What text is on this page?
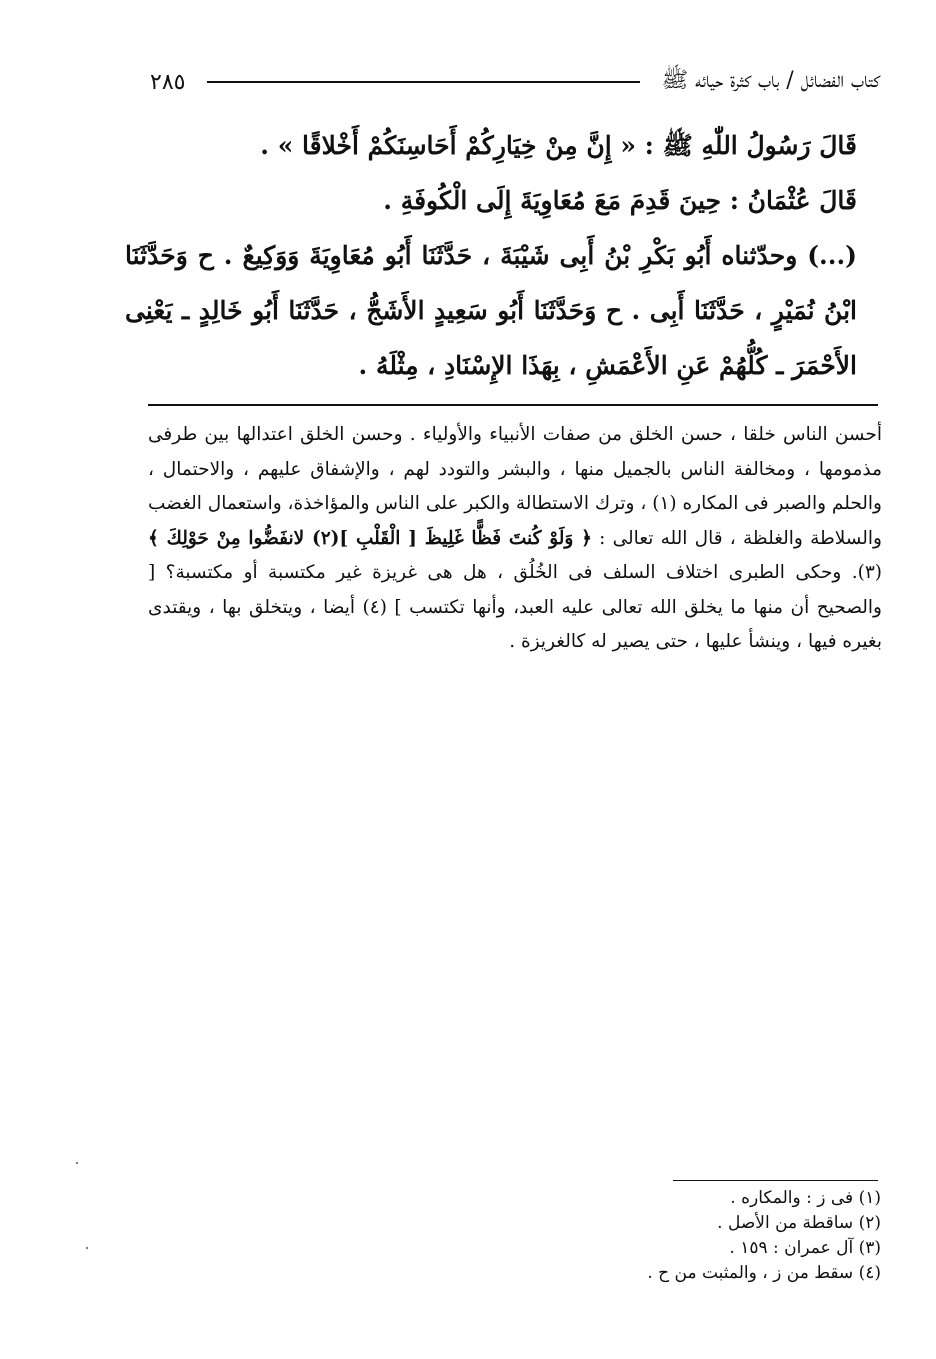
كتاب الفضائل / باب كثرة حيائه ﷺ
٢٨٥

قَالَ رَسُولُ اللّٰهِ ﷺ : « إِنَّ مِنْ خِيَارِكُمْ أَحَاسِنَكُمْ أَخْلاقًا » .

قَالَ عُثْمَانُ : حِينَ قَدِمَ مَعَ مُعَاوِيَةَ إِلَى الْكُوفَةِ .

(...) وحدّثناه أَبُو بَكْرِ بْنُ أَبِى شَيْبَةَ ، حَدَّثَنَا أَبُو مُعَاوِيَةَ وَوَكِيعٌ . ح وَحَدَّثَنَا ابْنُ نُمَيْرٍ ، حَدَّثَنَا أَبِى . ح وَحَدَّثَنَا أَبُو سَعِيدٍ الأَشَجُّ ، حَدَّثَنَا أَبُو خَالِدٍ ـ يَعْنِى الأَحْمَرَ ـ كُلُّهُمْ عَنِ الأَعْمَشِ ، بِهَذَا الإِسْنَادِ ، مِثْلَهُ .

أحسن الناس خلقا ، حسن الخلق من صفات الأنبياء والأولياء . وحسن الخلق اعتدالها بين طرفى مذمومها ، ومخالفة الناس بالجميل منها ، والبشر والتودد لهم ، والإشفاق عليهم ، والاحتمال ، والحلم والصبر فى المكاره (١) ، وترك الاستطالة والكبر على الناس والمؤاخذة، واستعمال الغضب والسلاطة والغلظة ، قال الله تعالى : ﴿ وَلَوْ كُنتَ فَظًّا غَلِيظَ [ الْقَلْبِ ](٢) لانفَضُّوا مِنْ حَوْلِكَ ﴾ (٣). وحكى الطبرى اختلاف السلف فى الخُلُق ، هل هى غريزة غير مكتسبة أو مكتسبة؟ [ والصحيح أن منها ما يخلق الله تعالى عليه العبد، وأنها تكتسب ] (٤) أيضا ، ويتخلق بها ، ويقتدى بغيره فيها ، وينشأ عليها ، حتى يصير له كالغريزة .

(١) فى ز : والمكاره .
(٢) ساقطة من الأصل .
(٣) آل عمران : ١٥٩ .
(٤) سقط من ز ، والمثبت من ح .
